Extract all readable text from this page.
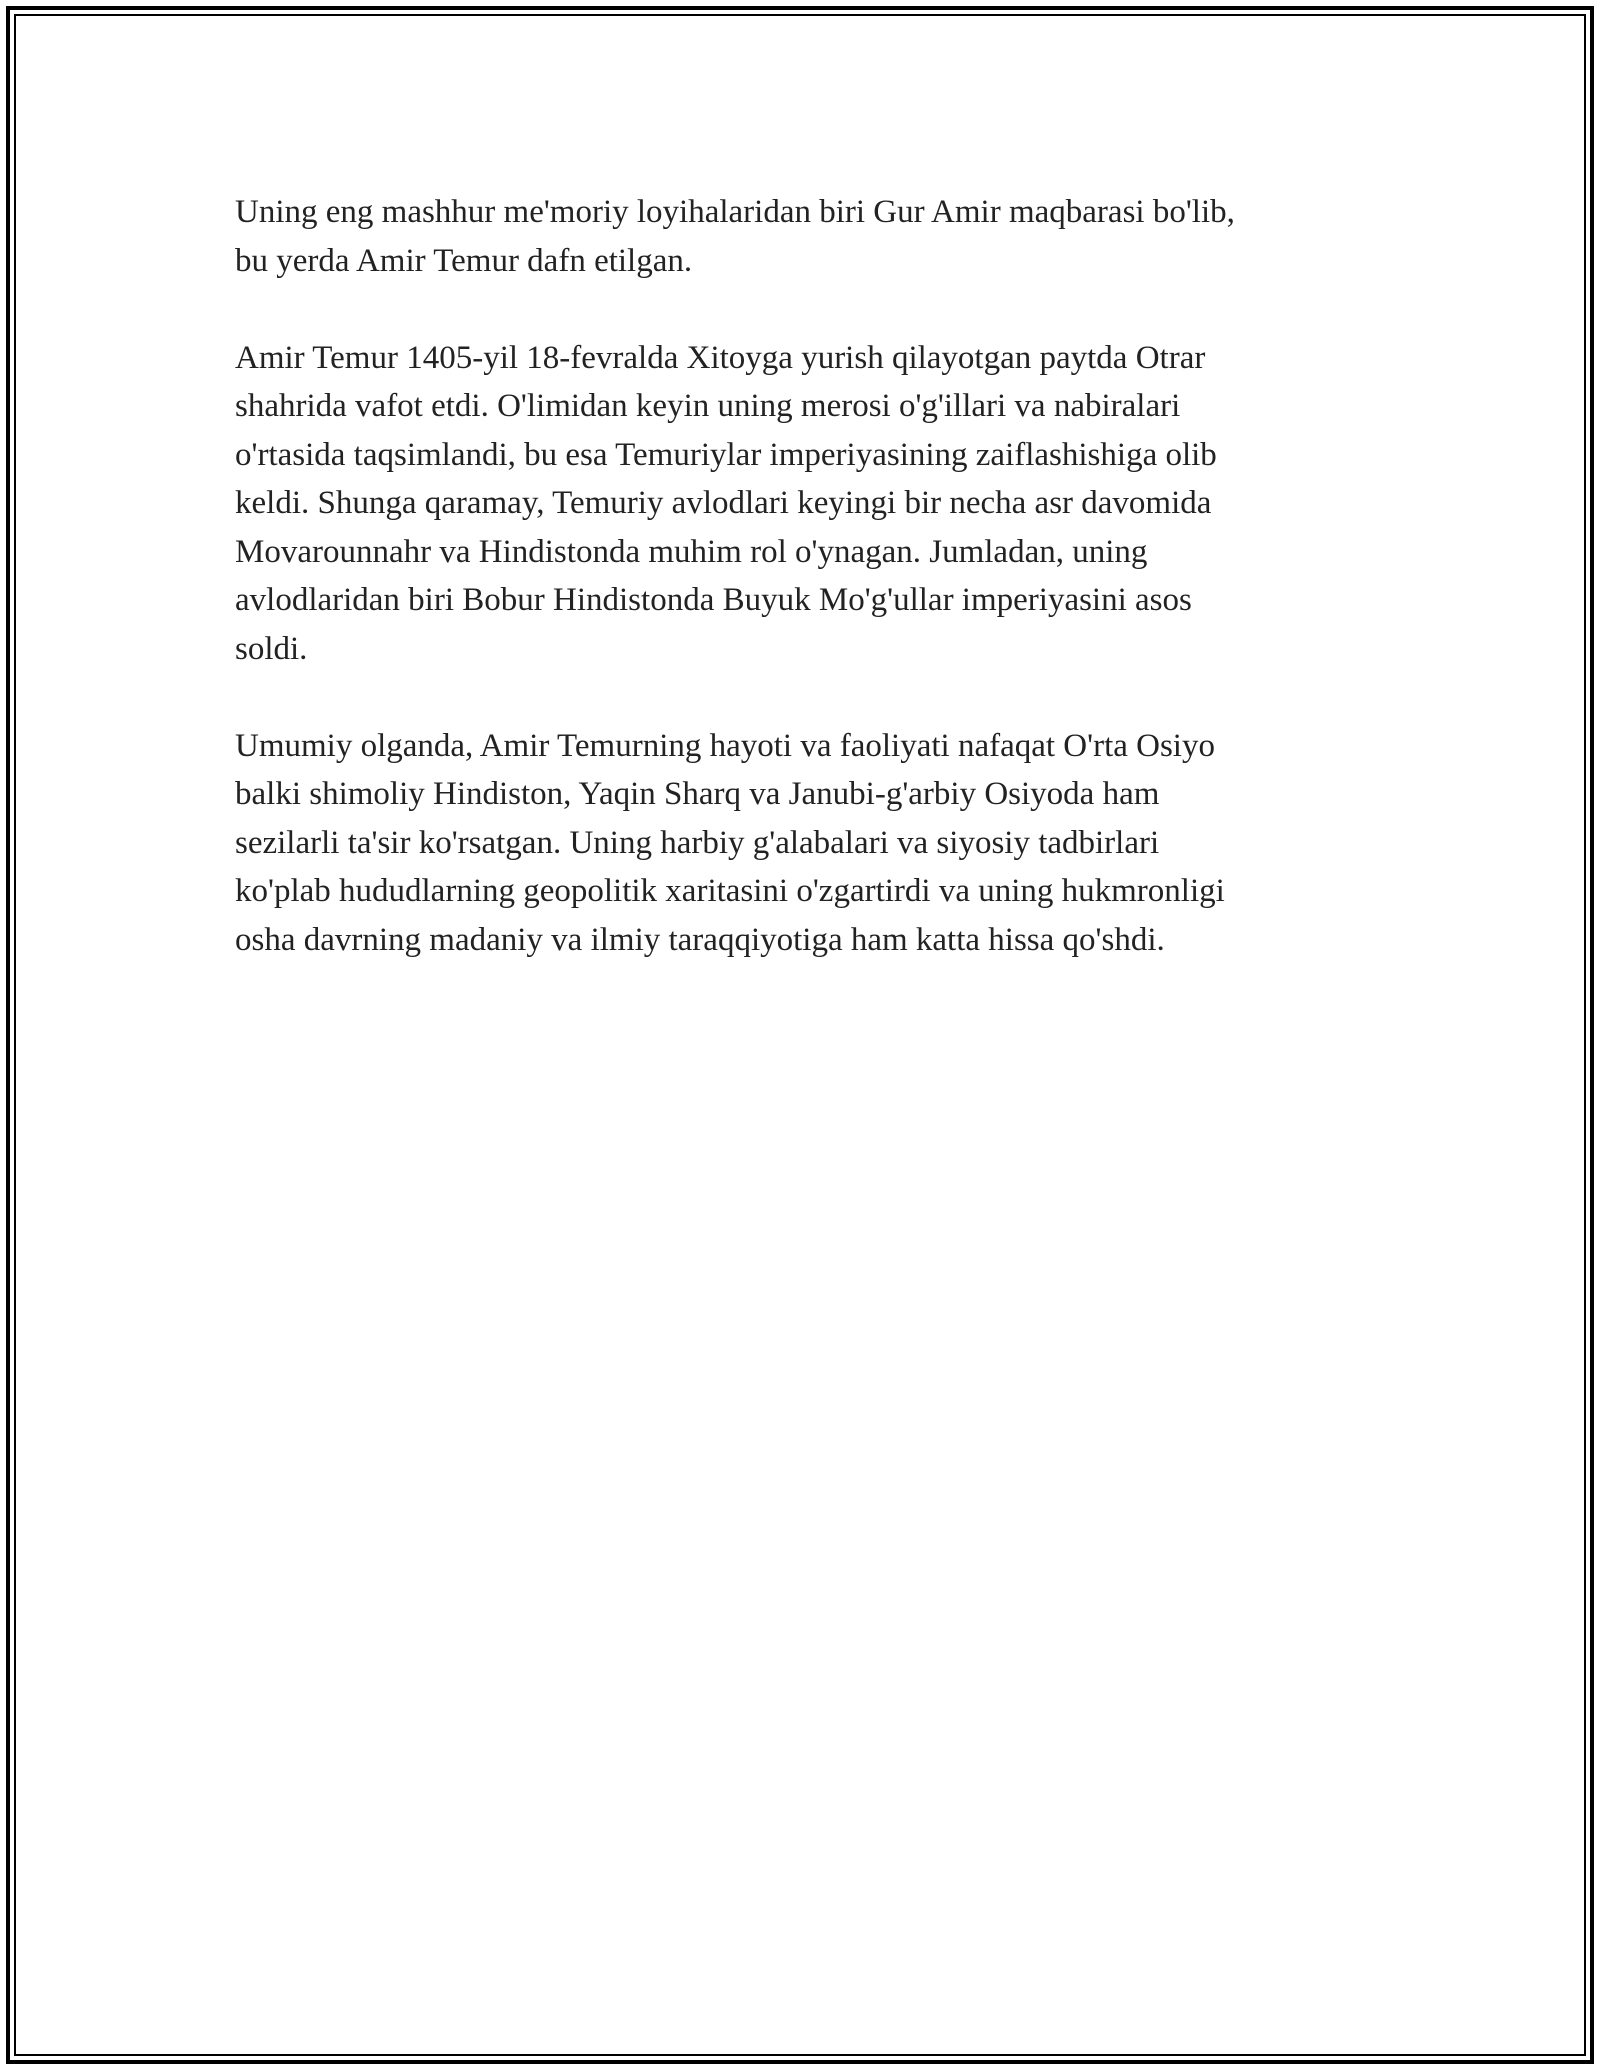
Uning eng mashhur me'moriy loyihalaridan biri Gur Amir maqbarasi bo'lib,
bu yerda Amir Temur dafn etilgan.

Amir Temur 1405-yil 18-fevralda Xitoyga yurish qilayotgan paytda Otrar
shahrida vafot etdi. O'limidan keyin uning merosi o'g'illari va nabiralari
o'rtasida taqsimlandi, bu esa Temuriylar imperiyasining zaiflashishiga olib
keldi. Shunga qaramay, Temuriy avlodlari keyingi bir necha asr davomida
Movarounnahr va Hindistonda muhim rol o'ynagan. Jumladan, uning
avlodlaridan biri Bobur Hindistonda Buyuk Mo'g'ullar imperiyasini asos
soldi.

Umumiy olganda, Amir Temurning hayoti va faoliyati nafaqat O'rta Osiyo
balki shimoliy Hindiston, Yaqin Sharq va Janubi-g'arbiy Osiyoda ham
sezilarli ta'sir ko'rsatgan. Uning harbiy g'alabalari va siyosiy tadbirlari
ko'plab hududlarning geopolitik xaritasini o'zgartirdi va uning hukmronligi
osha davrning madaniy va ilmiy taraqqiyotiga ham katta hissa qo'shdi.
